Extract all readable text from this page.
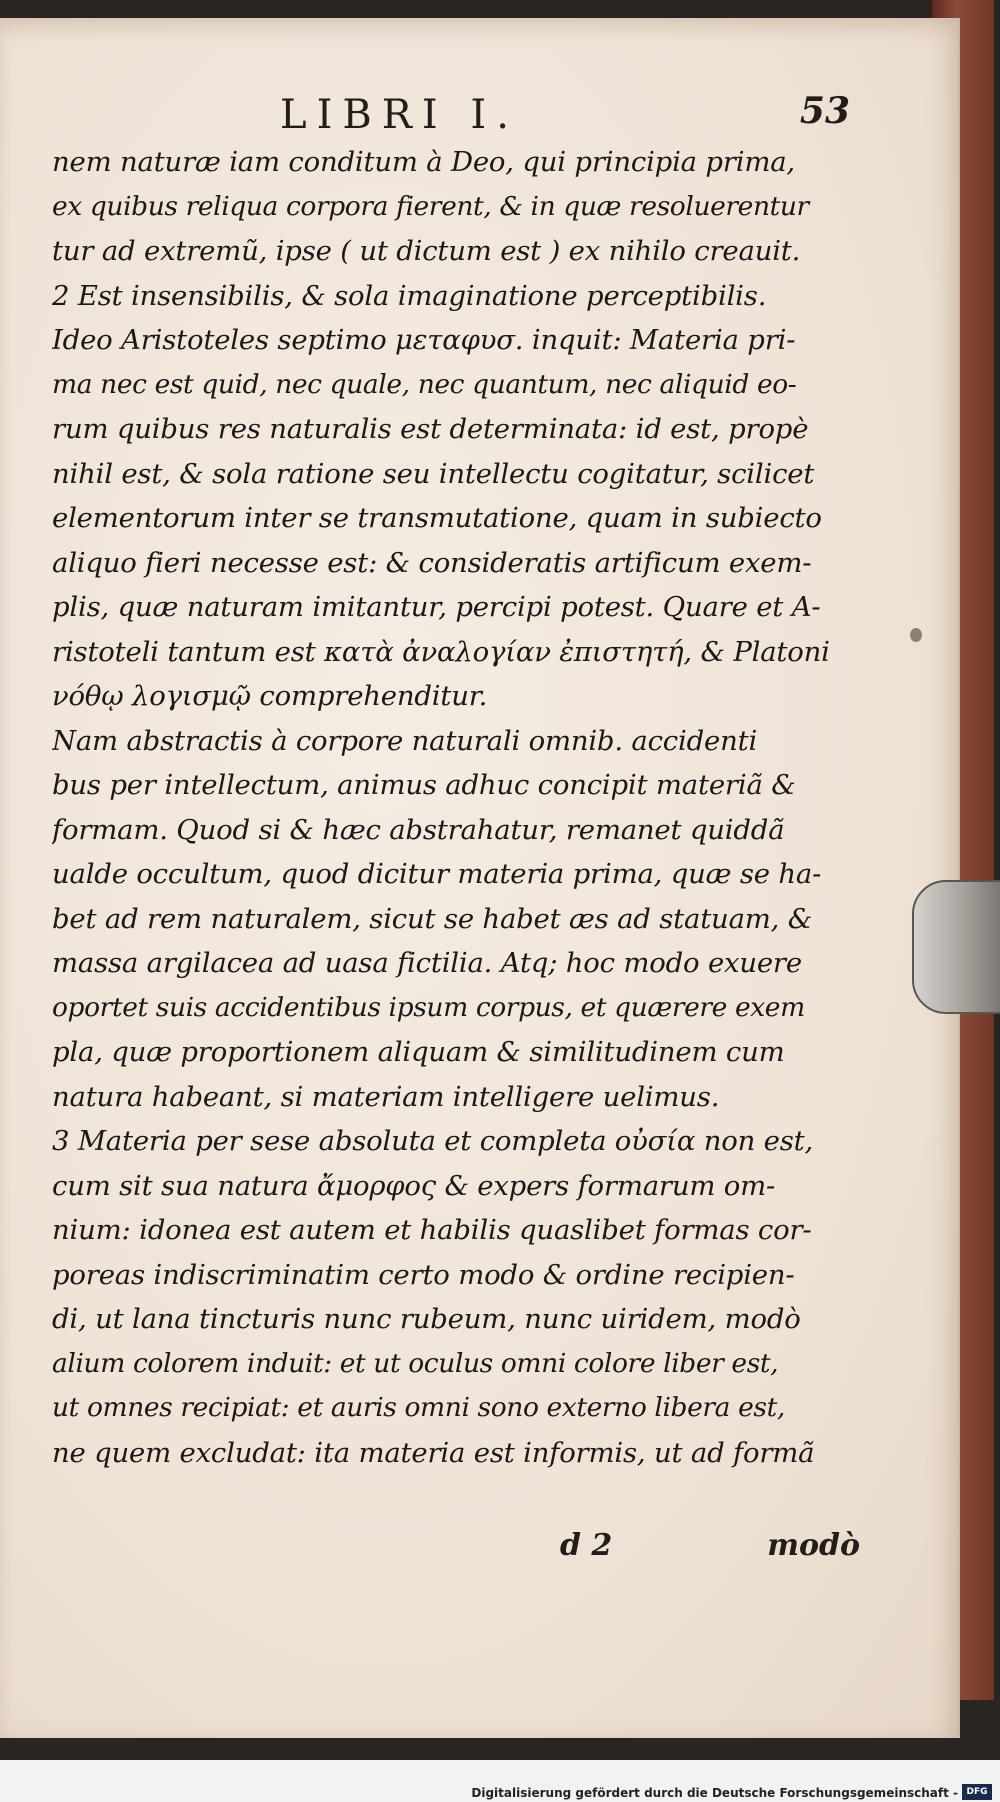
LIBRI I.	53
nem naturæ iam conditum à Deo, qui principia prima,
ex quibus reliqua corpora fierent, & in quæ resoluerentur
tur ad extremũ, ipse ( ut dictum est ) ex nihilo creauit.
2 Est insensibilis, & sola imaginatione perceptibilis.
Ideo Aristoteles septimo μεταφυσ. inquit: Materia pri-
ma nec est quid, nec quale, nec quantum, nec aliquid eo-
rum quibus res naturalis est determinata: id est, propè
nihil est, & sola ratione seu intellectu cogitatur, scilicet
elementorum inter se transmutatione, quam in subiecto
aliquo fieri necesse est: & consideratis artificum exem-
plis, quæ naturam imitantur, percipi potest. Quare et A-
ristoteli tantum est κατὰ ἀναλογίαν ἐπιστητή, & Platoni
νόθῳ λογισμῷ comprehenditur.
Nam abstractis à corpore naturali omnib. accidenti
bus per intellectum, animus adhuc concipit materiã &
formam. Quod si & hæc abstrahatur, remanet quiddã
ualde occultum, quod dicitur materia prima, quæ se ha-
bet ad rem naturalem, sicut se habet æs ad statuam, &
massa argilacea ad uasa fictilia. Atq; hoc modo exuere
oportet suis accidentibus ipsum corpus, et quærere exem
pla, quæ proportionem aliquam & similitudinem cum
natura habeant, si materiam intelligere uelimus.
3 Materia per sese absoluta et completa οὐσία non est,
cum sit sua natura ἄμορφος & expers formarum om-
nium: idonea est autem et habilis quaslibet formas cor-
poreas indiscriminatim certo modo & ordine recipien-
di, ut lana tincturis nunc rubeum, nunc uiridem, modò
alium colorem induit: et ut oculus omni colore liber est,
ut omnes recipiat: et auris omni sono externo libera est,
ne quem excludat: ita materia est informis, ut ad formã
d 2	modò
Digitalisierung gefördert durch die Deutsche Forschungsgemeinschaft - DFG
